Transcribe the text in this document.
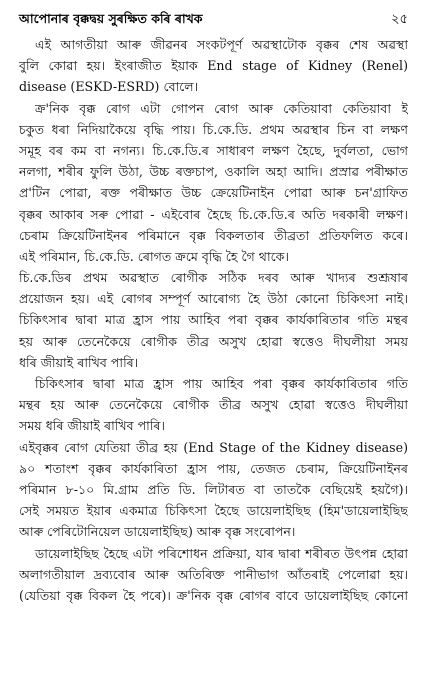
আপোনাৰ বৃক্কদ্বয় সুৰক্ষিত কৰি ৰাখক	২৫
এই আগতীয়া আৰু জীৱনৰ সংকটপূৰ্ণ অৱস্থাটোক বৃক্কৰ শেষ অৱস্থা
বুলি কোৱা হয়। ইংৰাজীত ইয়াক End stage of Kidney (Renel)
disease (ESKD-ESRD) বোলে।
ক্ৰ'নিক বৃক্ক ৰোগ এটা গোপন ৰোগ আৰু কেতিয়াবা কেতিয়াবা ই
চকুত ধৰা নিদিয়াকৈয়ে বৃদ্ধি পায়। চি.কে.ডি. প্ৰথম অৱস্থাৰ চিন বা লক্ষণ
সমূহ বৰ কম বা নগন্য। চি.কে.ডি.ৰ সাধাৰণ লক্ষণ হৈছে, দুৰ্বলতা, ভোগ
নলগা, শৰীৰ ফুলি উঠা, উচ্চ ৰক্তচাপ, ওকালি অহা আদি। প্ৰস্ৰাৱ পৰীক্ষাত
প্ৰ'টিন পোৱা, ৰক্ত পৰীক্ষাত উচ্চ ক্ৰেয়েটিনাইন পোৱা আৰু চন'গ্ৰাফিত
বৃক্কৰ আকাৰ সৰু পোৱা - এইবোৰ হৈছে চি.কে.ডি.ৰ অতি দৰকাৰী লক্ষণ।
চেৰাম ক্ৰিয়েটিনাইনৰ পৰিমানে বৃক্ক বিকলতাৰ তীব্ৰতা প্ৰতিফলিত কৰে।
এই পৰিমান, চি.কে.ডি. ৰোগত ক্ৰমে বৃদ্ধি হৈ গৈ থাকে।
চি.কে.ডিৰ প্ৰথম অৱস্থাত ৰোগীক সঠিক দৰব আৰু খাদ্যৰ শুশ্ৰূষাৰ
প্ৰয়োজন হয়। এই ৰোগৰ সম্পূৰ্ণ আৰোগ্য হৈ উঠা কোনো চিকিৎসা নাই।
চিকিৎসাৰ দ্বাৰা মাত্ৰ হ্ৰাস পায় আহিব পৰা বৃক্কৰ কাৰ্যকাৰিতাৰ গতি মন্থৰ
হয় আৰু তেনেকৈয়ে ৰোগীক তীব্ৰ অসুখ হোৱা স্বত্তেও দীঘলীয়া সময়
ধৰি জীয়াই ৰাখিব পাৰি।
চিকিৎসাৰ দ্বাৰা মাত্ৰ হ্ৰাস পায় আহিব পৰা বৃক্কৰ কাৰ্যকাৰিতাৰ গতি
মন্থৰ হয় আৰু তেনেকৈয়ে ৰোগীক তীব্ৰ অসুখ হোৱা স্বত্তেও দীঘলীয়া
সময় ধৰি জীয়াই ৰাখিব পাৰি।
এইবৃক্কৰ ৰোগ যেতিয়া তীব্ৰ হয় (End Stage of the Kidney disease)
৯০ শতাংশ বৃক্কৰ কাৰ্যকাৰিতা হ্ৰাস পায়, তেজত চেৰাম, ক্ৰিয়েটিনাইনৰ
পৰিমান ৮-১০ মি.গ্ৰাম প্ৰতি ডি. লিটাৰত বা তাতকৈ বেছিয়েই হয়গৈ)।
সেই সময়ত ইয়াৰ একমাত্ৰ চিকিৎসা হৈছে ডায়েলাইছিছ (হিম'ডায়েলাইছিছ
আৰু পেৰিটোনিয়েল ডায়েলাইছিছ) আৰু বৃক্ক সংৰোপন।
ডায়েলাইছিছ হৈছে এটা পৰিশোধন প্ৰক্ৰিয়া, যাৰ দ্বাৰা শৰীৰত উৎপন্ন হোৱা
অলাগতীয়াল দ্ৰব্যবোৰ আৰু অতিৰিক্ত পানীভাগ আঁতৰাই পেলোৱা হয়।
(যেতিয়া বৃক্ক বিকল হৈ পৰে)। ক্ৰ'নিক বৃক্ক ৰোগৰ বাবে ডায়েলাইছিছ কোনো
